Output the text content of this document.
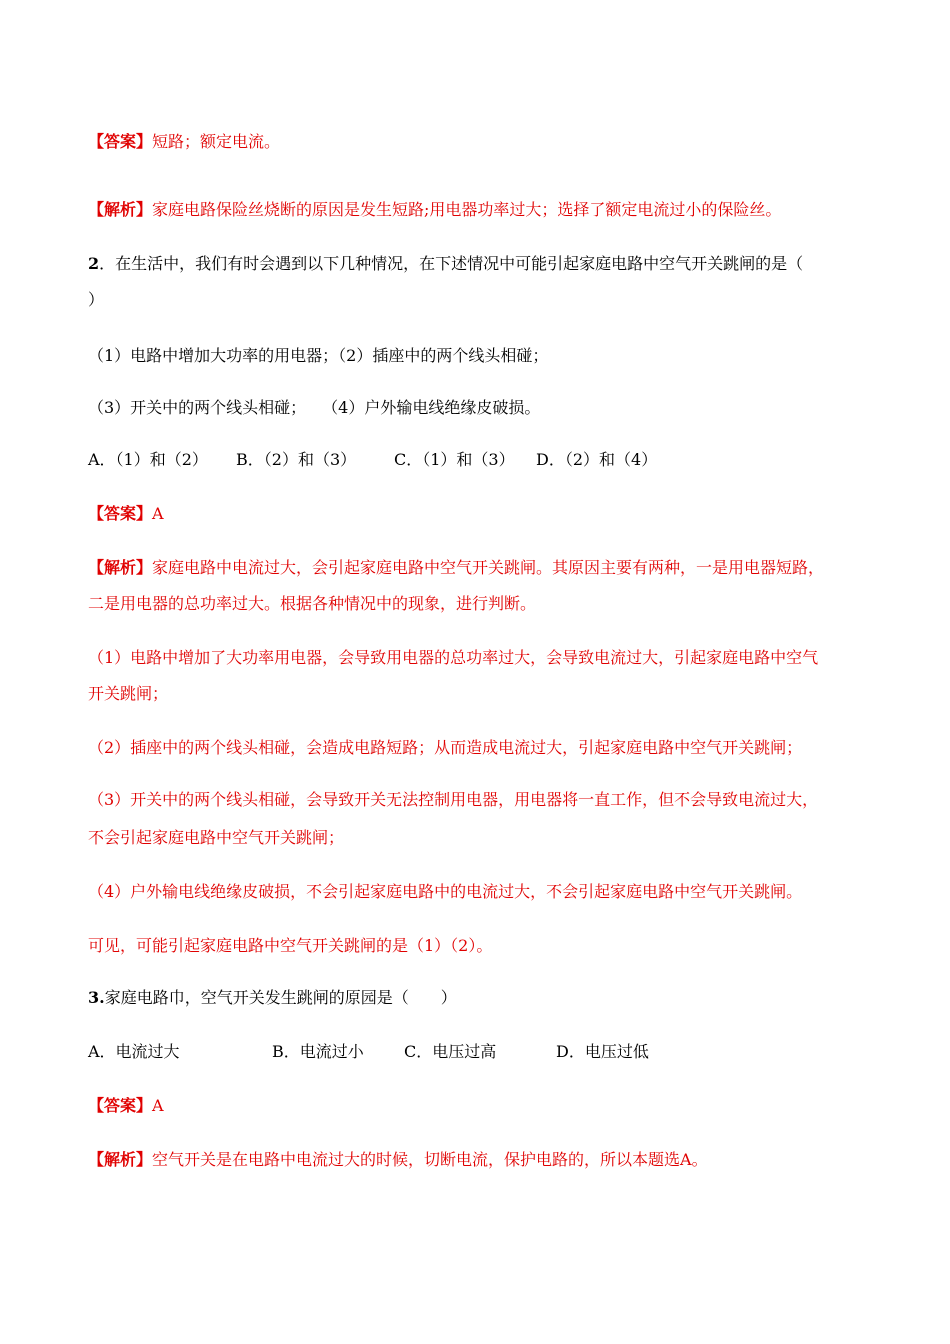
【答案】短路；额定电流。
【解析】家庭电路保险丝烧断的原因是发生短路;用电器功率过大；选择了额定电流过小的保险丝。
2．在生活中，我们有时会遇到以下几种情况，在下述情况中可能引起家庭电路中空气开关跳闸的是（
）
（1）电路中增加大功率的用电器；（2）插座中的两个线头相碰；
（3）开关中的两个线头相碰；　　（4）户外输电线绝缘皮破损。
A．（1）和（2） B．（2）和（3） C．（1）和（3） D．（2）和（4）
【答案】A
【解析】家庭电路中电流过大，会引起家庭电路中空气开关跳闸。其原因主要有两种，一是用电器短路，
二是用电器的总功率过大。根据各种情况中的现象，进行判断。
（1）电路中增加了大功率用电器，会导致用电器的总功率过大，会导致电流过大，引起家庭电路中空气
开关跳闸；
（2）插座中的两个线头相碰，会造成电路短路；从而造成电流过大，引起家庭电路中空气开关跳闸；
（3）开关中的两个线头相碰，会导致开关无法控制用电器，用电器将一直工作，但不会导致电流过大，
不会引起家庭电路中空气开关跳闸；
（4）户外输电线绝缘皮破损，不会引起家庭电路中的电流过大，不会引起家庭电路中空气开关跳闸。
可见，可能引起家庭电路中空气开关跳闸的是（1）（2）。
3.家庭电路巾，空气开关发生跳闸的原园是（　　）
A．电流过大	B．电流过小	C．电压过高	D．电压过低
【答案】A
【解析】空气开关是在电路中电流过大的时候，切断电流，保护电路的，所以本题选A。
